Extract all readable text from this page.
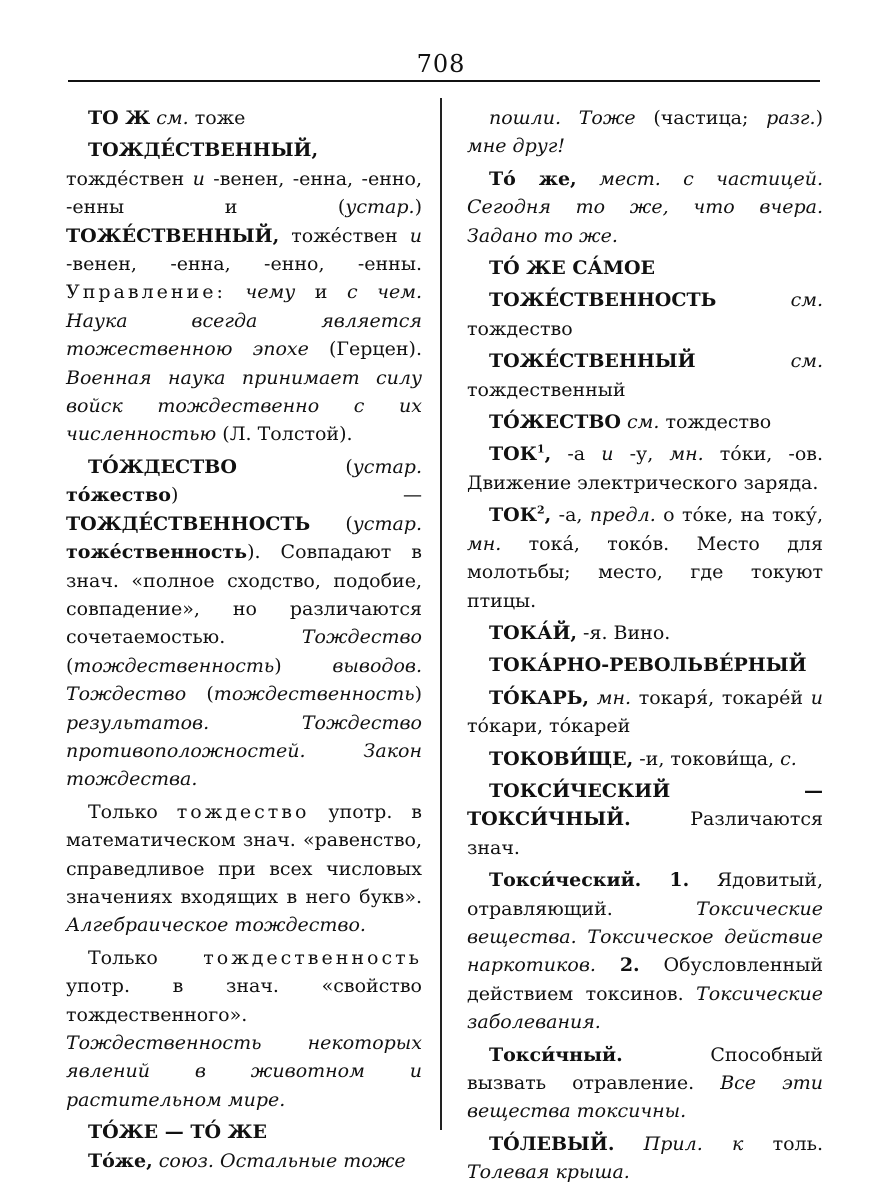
708

ТО Ж см. тоже

ТОЖДЕ́СТВЕННЫЙ, тожде́ствен и -венен, -енна, -енно, -енны и (устар.) ТОЖЕ́СТВЕННЫЙ, тоже́ствен и -венен, -енна, -енно, -енны. Управление: чему и с чем. Наука всегда является тожественною эпохе (Герцен). Военная наука принимает силу войск тождественно с их численностью (Л. Толстой).

ТО́ЖДЕСТВО (устар. то́жество) — ТОЖДЕ́СТВЕННОСТЬ (устар. тоже́ственность). Совпадают в знач. «полное сходство, подобие, совпадение», но различаются сочетаемостью. Тождество (тождественность) выводов. Тождество (тождественность) результатов. Тождество противоположностей. Закон тождества.

Только тождество употр. в математическом знач. «равенство, справедливое при всех числовых значениях входящих в него букв». Алгебраическое тождество.

Только тождественность употр. в знач. «свойство тождественного». Тождественность некоторых явлений в животном и растительном мире.

ТО́ЖЕ — ТО́ ЖЕ

То́же, союз. Остальные тоже

пошли. Тоже (частица; разг.) мне друг!

То́ же, мест. с частицей. Сегодня то же, что вчера. Задано то же.

ТО́ ЖЕ СА́МОЕ

ТОЖЕ́СТВЕННОСТЬ	см. тождество

ТОЖЕ́СТВЕННЫЙ	см. тождественный

ТО́ЖЕСТВО см. тождество

ТОК$^1$, -а и -у, мн. то́ки, -ов. Движение электрического заряда.

ТОК$^2$, -а, предл. о то́ке, на току́, мн. тока́, токо́в. Место для молотьбы; место, где токуют птицы.

ТОКА́Й, -я. Вино.

ТОКА́РНО-РЕВОЛЬВЕ́РНЫЙ

ТО́КАРЬ, мн. токаря́, токаре́й и то́кари, то́карей

ТОКОВИ́ЩЕ, -и, токови́ща, с.

ТОКСИ́ЧЕСКИЙ — ТОКСИ́ЧНЫЙ. Различаются знач.

Токси́ческий. 1. Ядовитый, отравляющий. Токсические вещества. Токсическое действие наркотиков. 2. Обусловленный действием токсинов. Токсические заболевания.

Токси́чный. Способный вызвать отравление. Все эти вещества токсичны.

ТО́ЛЕВЫЙ. Прил. к толь. Толевая крыша.
